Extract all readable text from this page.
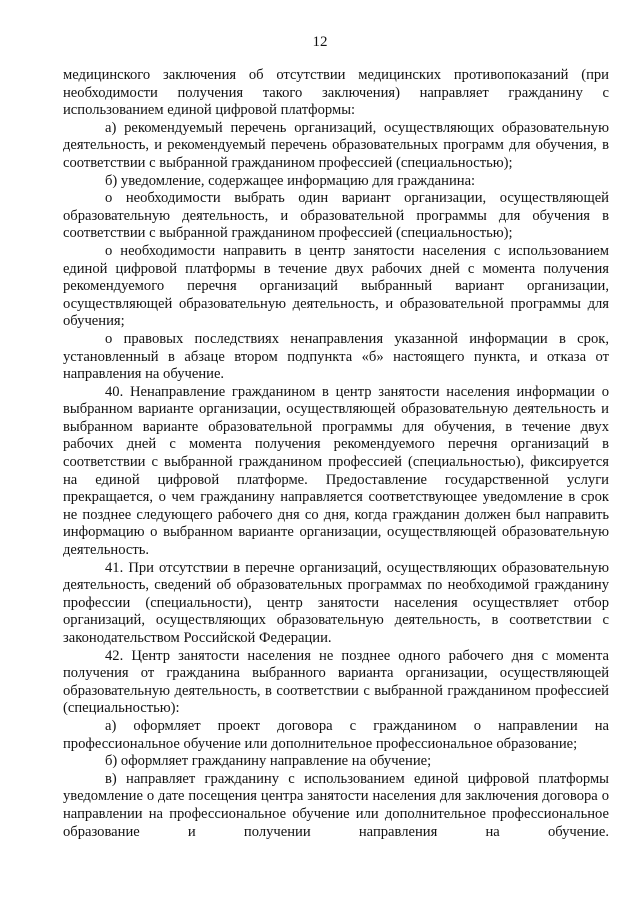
12

медицинского заключения об отсутствии медицинских противопоказаний (при необходимости получения такого заключения) направляет гражданину с использованием единой цифровой платформы:

а) рекомендуемый перечень организаций, осуществляющих образовательную деятельность, и рекомендуемый перечень образовательных программ для обучения, в соответствии с выбранной гражданином профессией (специальностью);

б) уведомление, содержащее информацию для гражданина:

о необходимости выбрать один вариант организации, осуществляющей образовательную деятельность, и образовательной программы для обучения в соответствии с выбранной гражданином профессией (специальностью);

о необходимости направить в центр занятости населения с использованием единой цифровой платформы в течение двух рабочих дней с момента получения рекомендуемого перечня организаций выбранный вариант организации, осуществляющей образовательную деятельность, и образовательной программы для обучения;

о правовых последствиях ненаправления указанной информации в срок, установленный в абзаце втором подпункта «б» настоящего пункта, и отказа от направления на обучение.

40. Ненаправление гражданином в центр занятости населения информации о выбранном варианте организации, осуществляющей образовательную деятельность и выбранном варианте образовательной программы для обучения, в течение двух рабочих дней с момента получения рекомендуемого перечня организаций в соответствии с выбранной гражданином профессией (специальностью), фиксируется на единой цифровой платформе. Предоставление государственной услуги прекращается, о чем гражданину направляется соответствующее уведомление в срок не позднее следующего рабочего дня со дня, когда гражданин должен был направить информацию о выбранном варианте организации, осуществляющей образовательную деятельность.

41. При отсутствии в перечне организаций, осуществляющих образовательную деятельность, сведений об образовательных программах по необходимой гражданину профессии (специальности), центр занятости населения осуществляет отбор организаций, осуществляющих образовательную деятельность, в соответствии с законодательством Российской Федерации.

42. Центр занятости населения не позднее одного рабочего дня с момента получения от гражданина выбранного варианта организации, осуществляющей образовательную деятельность, в соответствии с выбранной гражданином профессией (специальностью):

а) оформляет проект договора с гражданином о направлении на профессиональное обучение или дополнительное профессиональное образование;

б) оформляет гражданину направление на обучение;

в) направляет гражданину с использованием единой цифровой платформы уведомление о дате посещения центра занятости населения для заключения договора о направлении на профессиональное обучение или дополнительное профессиональное образование и получении направления на обучение.
